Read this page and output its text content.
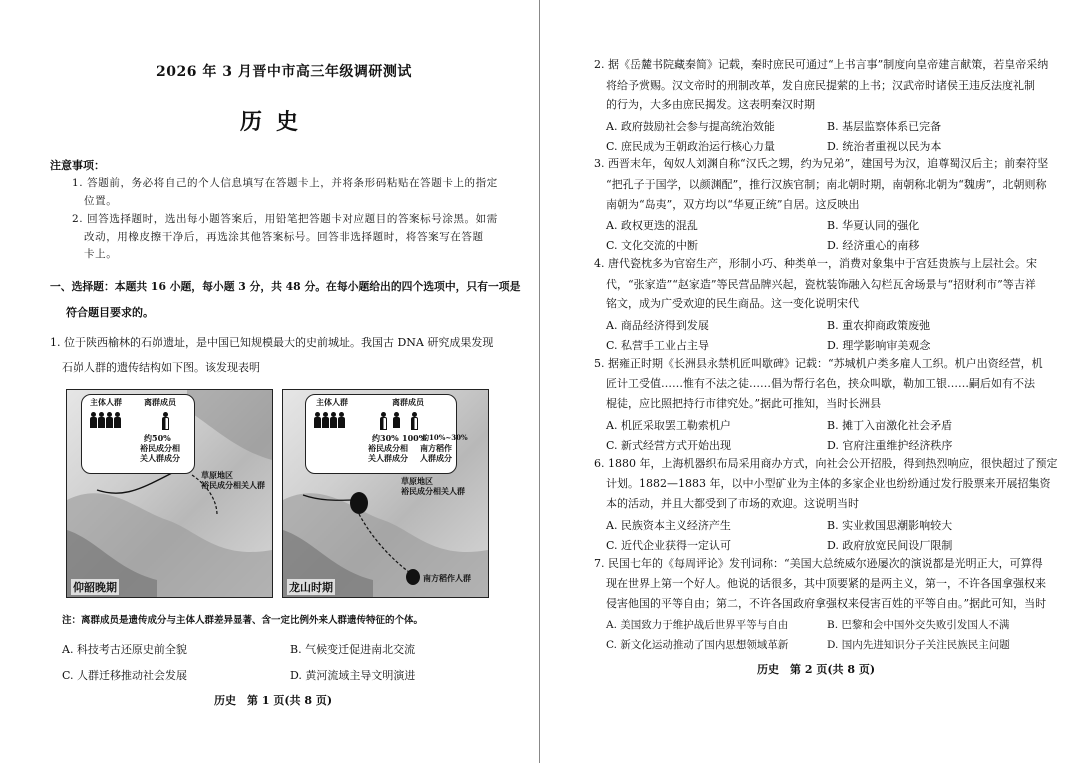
2026 年 3 月晋中市高三年级调研测试
历史
注意事项：
1. 答题前，务必将自己的个人信息填写在答题卡上，并将条形码粘贴在答题卡上的指定
位置。
2. 回答选择题时，选出每小题答案后，用铅笔把答题卡对应题目的答案标号涂黑。如需
改动，用橡皮擦干净后，再选涂其他答案标号。回答非选择题时，将答案写在答题
卡上。
一、选择题：本题共 16 小题，每小题 3 分，共 48 分。在每小题给出的四个选项中，只有一项是
符合题目要求的。
1. 位于陕西榆林的石峁遗址，是中国已知规模最大的史前城址。我国古 DNA 研究成果发现
石峁人群的遗传结构如下图。该发现表明
主体人群	离群成员
约50%
裕民成分相
关人群成分
草原地区
裕民成分相关人群
仰韶晚期
主体人群	离群成员

约30% 100%
约10%~30%
裕民成分相
关人群成分
南方稻作
人群成分
草原地区
裕民成分相关人群
南方稻作人群
龙山时期
注：离群成员是遗传成分与主体人群差异显著、含一定比例外来人群遗传特征的个体。
A. 科技考古还原史前全貌	B. 气候变迁促进南北交流
C. 人群迁移推动社会发展	D. 黄河流域主导文明演进
历史　第 1 页(共 8 页)
2. 据《岳麓书院藏秦简》记载，秦时庶民可通过“上书言事”制度向皇帝建言献策，若皇帝采纳
将给予赏赐。汉文帝时的刑制改革，发自庶民提萦的上书；汉武帝时诸侯王违反法度礼制
的行为，大多由庶民揭发。这表明秦汉时期
A. 政府鼓励社会参与提高统治效能	B. 基层监察体系已完备
C. 庶民成为王朝政治运行核心力量	D. 统治者重视以民为本
3. 西晋末年，匈奴人刘渊自称“汉氏之甥，约为兄弟”，建国号为汉，追尊蜀汉后主；前秦符坚
“把孔子于国学，以颜渊配”，推行汉族官制；南北朝时期，南朝称北朝为“魏虏”，北朝则称
南朝为“岛夷”，双方均以“华夏正统”自居。这反映出
A. 政权更迭的混乱	B. 华夏认同的强化
C. 文化交流的中断	D. 经济重心的南移
4. 唐代瓷枕多为官窑生产，形制小巧、种类单一，消费对象集中于宫廷贵族与上层社会。宋
代，“张家造”“赵家造”等民营品牌兴起，瓷枕装饰融入勾栏瓦舍场景与“招财利市”等吉祥
铭文，成为广受欢迎的民生商品。这一变化说明宋代
A. 商品经济得到发展	B. 重农抑商政策废弛
C. 私营手工业占主导	D. 理学影响审美观念
5. 据雍正时期《长洲县永禁机匠叫歇碑》记载：“苏城机户类多雇人工织。机户出资经营，机
匠计工受值……惟有不法之徒……倡为帮行名色，挟众叫歇，勒加工银……嗣后如有不法
棍徒，应比照把持行市律究处。”据此可推知，当时长洲县
A. 机匠采取罢工勒索机户	B. 摊丁入亩激化社会矛盾
C. 新式经营方式开始出现	D. 官府注重维护经济秩序
6. 1880 年，上海机器织布局采用商办方式，向社会公开招股，得到热烈响应，很快超过了预定
计划。1882—1883 年，以中小型矿业为主体的多家企业也纷纷通过发行股票来开展招集资
本的活动，并且大都受到了市场的欢迎。这说明当时
A. 民族资本主义经济产生	B. 实业救国思潮影响较大
C. 近代企业获得一定认可	D. 政府放宽民间设厂限制
7. 民国七年的《每周评论》发刊词称：“美国大总统威尔逊屡次的演说都是光明正大，可算得
现在世界上第一个好人。他说的话很多，其中顶要紧的是两主义，第一，不许各国拿强权来
侵害他国的平等自由；第二，不许各国政府拿强权来侵害百姓的平等自由。”据此可知，当时
A. 美国致力于维护战后世界平等与自由	B. 巴黎和会中国外交失败引发国人不满
C. 新文化运动推动了国内思想领域革新	D. 国内先进知识分子关注民族民主问题
历史　第 2 页(共 8 页)
